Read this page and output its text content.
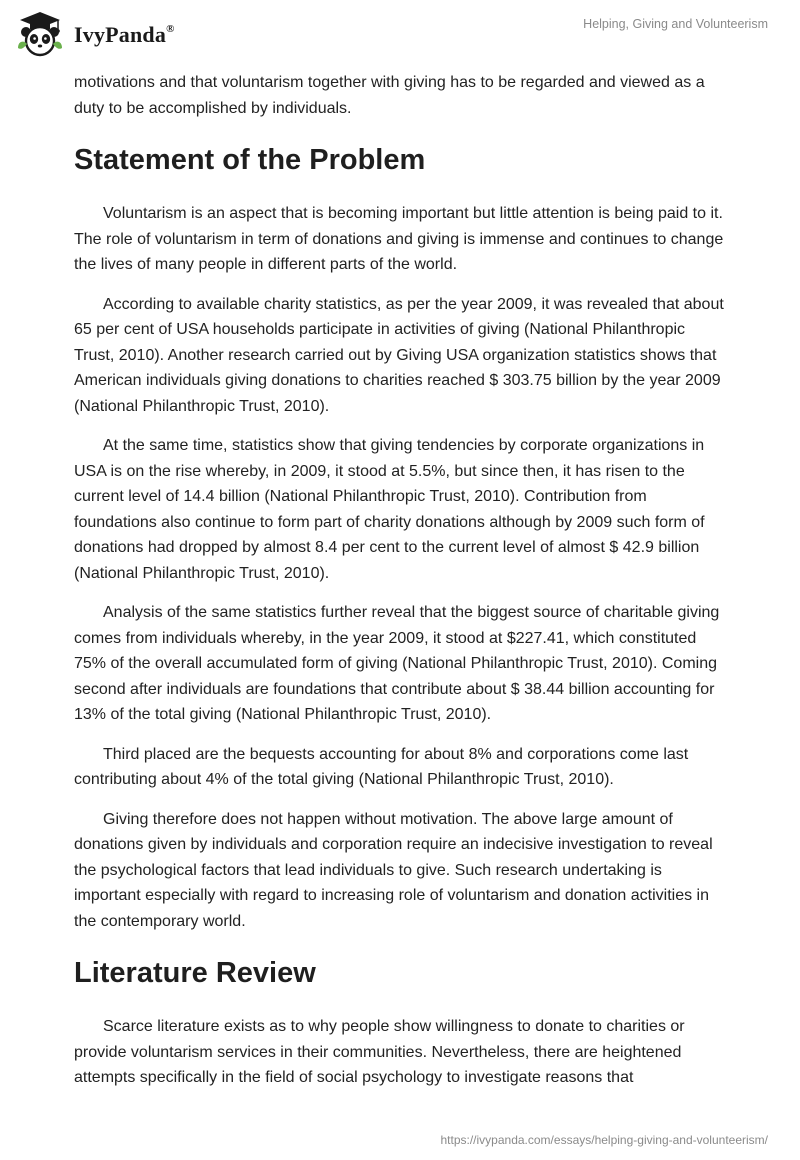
IvyPanda®	Helping, Giving and Volunteerism

motivations and that voluntarism together with giving has to be regarded and viewed as a duty to be accomplished by individuals.

Statement of the Problem

Voluntarism is an aspect that is becoming important but little attention is being paid to it. The role of voluntarism in term of donations and giving is immense and continues to change the lives of many people in different parts of the world.

According to available charity statistics, as per the year 2009, it was revealed that about 65 per cent of USA households participate in activities of giving (National Philanthropic Trust, 2010). Another research carried out by Giving USA organization statistics shows that American individuals giving donations to charities reached $ 303.75 billion by the year 2009 (National Philanthropic Trust, 2010).

At the same time, statistics show that giving tendencies by corporate organizations in USA is on the rise whereby, in 2009, it stood at 5.5%, but since then, it has risen to the current level of 14.4 billion (National Philanthropic Trust, 2010). Contribution from foundations also continue to form part of charity donations although by 2009 such form of donations had dropped by almost 8.4 per cent to the current level of almost $ 42.9 billion (National Philanthropic Trust, 2010).

Analysis of the same statistics further reveal that the biggest source of charitable giving comes from individuals whereby, in the year 2009, it stood at $227.41, which constituted 75% of the overall accumulated form of giving (National Philanthropic Trust, 2010). Coming second after individuals are foundations that contribute about $ 38.44 billion accounting for 13% of the total giving (National Philanthropic Trust, 2010).

Third placed are the bequests accounting for about 8% and corporations come last contributing about 4% of the total giving (National Philanthropic Trust, 2010).

Giving therefore does not happen without motivation. The above large amount of donations given by individuals and corporation require an indecisive investigation to reveal the psychological factors that lead individuals to give. Such research undertaking is important especially with regard to increasing role of voluntarism and donation activities in the contemporary world.

Literature Review

Scarce literature exists as to why people show willingness to donate to charities or provide voluntarism services in their communities. Nevertheless, there are heightened attempts specifically in the field of social psychology to investigate reasons that

https://ivypanda.com/essays/helping-giving-and-volunteerism/
